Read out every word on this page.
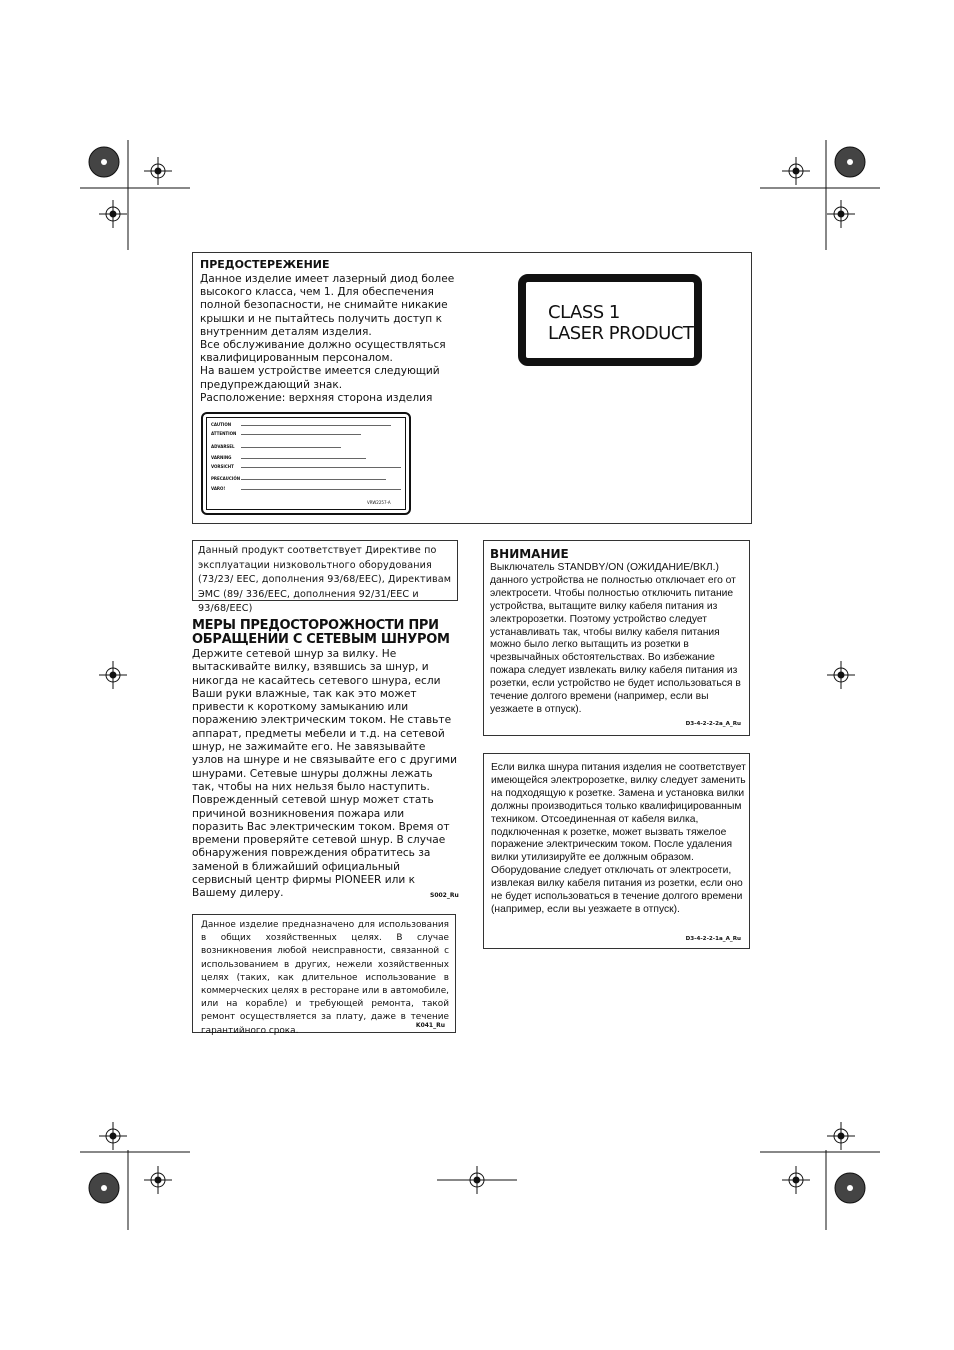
ПРЕДОСТЕРЕЖЕНИЕ
Данное изделие имеет лазерный диод более высокого класса, чем 1. Для обеспечения полной безопасности, не снимайте никакие крышки и не пытайтесь получить доступ к внутренним деталям изделия.
Все обслуживание должно осуществляться квалифицированным персоналом.
На вашем устройстве имеется следующий предупреждающий знак.
Расположение: верхняя сторона изделия
CLASS 1
LASER PRODUCT
CAUTION
ATTENTION
ADVARSEL
VARNING
VORSICHT
PRECAUCIÓN
VARO!
VRW2257-A
Данный продукт соответствует Директиве по эксплуатации низковольтного оборудования (73/23/ EEC, дополнения 93/68/EEC), Директивам ЭМС (89/ 336/EEC, дополнения 92/31/EEC и 93/68/EEC)
МЕРЫ ПРЕДОСТОРОЖНОСТИ ПРИ
ОБРАЩЕНИИ С СЕТЕВЫМ ШНУРОМ
Держите сетевой шнур за вилку. Не вытаскивайте вилку, взявшись за шнур, и никогда не касайтесь сетевого шнура, если Ваши руки влажные, так как это может привести к короткому замыканию или поражению электрическим током. Не ставьте аппарат, предметы мебели и т.д. на сетевой шнур, не зажимайте его. Не завязывайте узлов на шнуре и не связывайте его с другими шнурами. Сетевые шнуры должны лежать так, чтобы на них нельзя было наступить. Поврежденный сетевой шнур может стать причиной возникновения пожара или поразить Вас электрическим током. Время от времени проверяйте сетевой шнур. В случае обнаружения повреждения обратитесь за заменой в ближайший официальный сервисный центр фирмы PIONEER или к Вашему дилеру.	S002_Ru
Данное изделие предназначено для использования в общих хозяйственных целях. В случае возникновения любой неисправности, связанной с использованием в других, нежели хозяйственных целях (таких, как длительное использование в коммерческих целях в ресторане или в автомобиле, или на корабле) и требующей ремонта, такой ремонт осуществляется за плату, даже в течение гарантийного срока.
K041_Ru
ВНИМАНИЕ
Выключатель STANDBY/ON (ОЖИДАНИЕ/ВКЛ.) данного устройства не полностью отключает его от электросети. Чтобы полностью отключить питание устройства, вытащите вилку кабеля питания из электророзетки. Поэтому устройство следует устанавливать так, чтобы вилку кабеля питания можно было легко вытащить из розетки в чрезвычайных обстоятельствах. Во избежание пожара следует извлекать вилку кабеля питания из розетки, если устройство не будет использоваться в течение долгого времени (например, если вы уезжаете в отпуск).
D3-4-2-2-2a_A_Ru
Если вилка шнура питания изделия не соответствует имеющейся электророзетке, вилку следует заменить на подходящую к розетке. Замена и установка вилки должны производиться только квалифицированным техником. Отсоединенная от кабеля вилка, подключенная к розетке, может вызвать тяжелое поражение электрическим током. После удаления вилки утилизируйте ее должным образом.
Оборудование следует отключать от электросети, извлекая вилку кабеля питания из розетки, если оно не будет использоваться в течение долгого времени (например, если вы уезжаете в отпуск).
D3-4-2-2-1a_A_Ru
